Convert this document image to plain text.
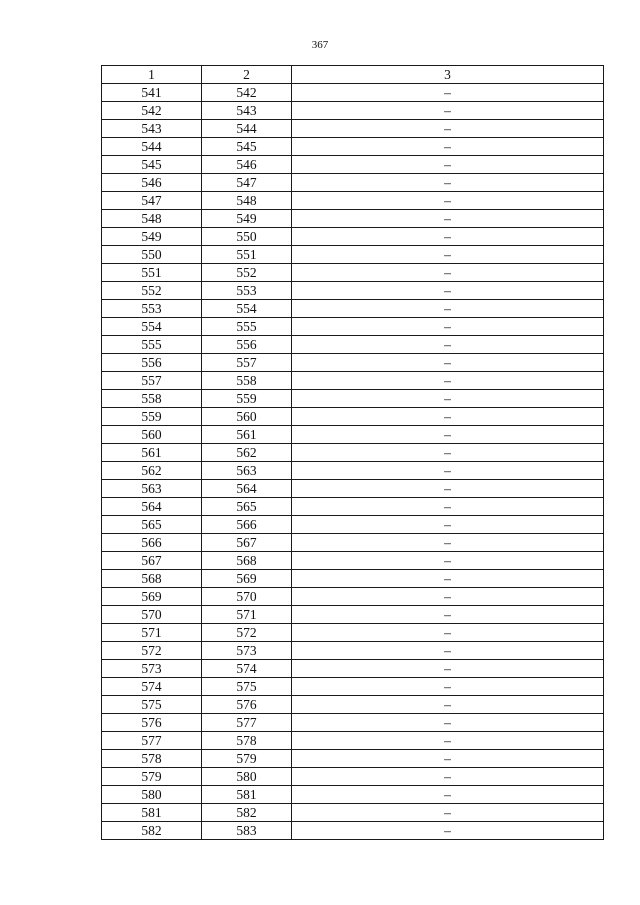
367
1	2	3
541	542	–
542	543	–
543	544	–
544	545	–
545	546	–
546	547	–
547	548	–
548	549	–
549	550	–
550	551	–
551	552	–
552	553	–
553	554	–
554	555	–
555	556	–
556	557	–
557	558	–
558	559	–
559	560	–
560	561	–
561	562	–
562	563	–
563	564	–
564	565	–
565	566	–
566	567	–
567	568	–
568	569	–
569	570	–
570	571	–
571	572	–
572	573	–
573	574	–
574	575	–
575	576	–
576	577	–
577	578	–
578	579	–
579	580	–
580	581	–
581	582	–
582	583	–
